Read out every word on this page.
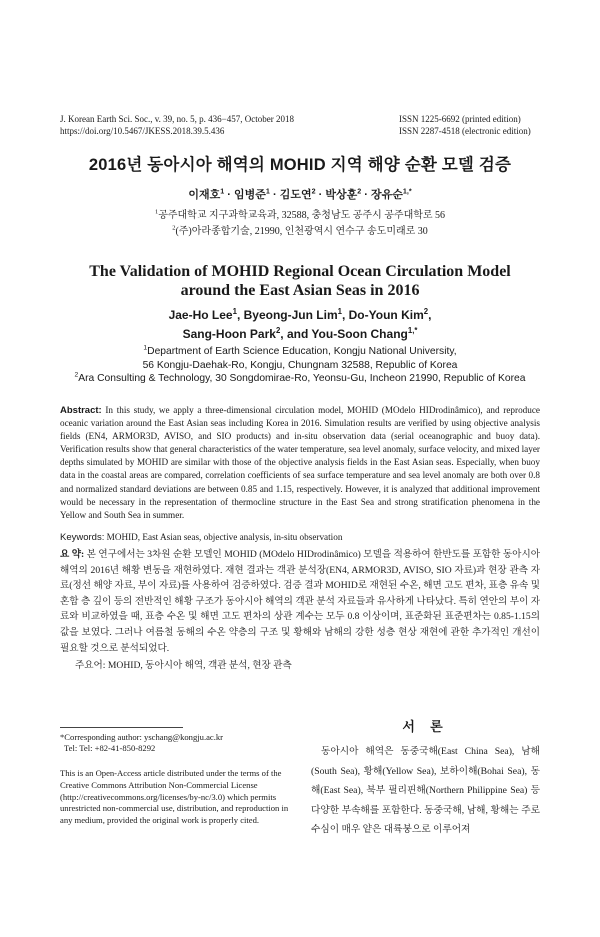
J. Korean Earth Sci. Soc., v. 39, no. 5, p. 436−457, October 2018
https://doi.org/10.5467/JKESS.2018.39.5.436
ISSN 1225-6692 (printed edition)
ISSN 2287-4518 (electronic edition)
2016년 동아시아 해역의 MOHID 지역 해양 순환 모델 검증
이재호$^1$ · 임병준$^1$ · 김도연$^2$ · 박상훈$^2$ · 장유순$^{1,*}$
$^1$공주대학교 지구과학교육과, 32588, 충청남도 공주시 공주대학로 56
$^2$(주)아라종합기술, 21990, 인천광역시 연수구 송도미래로 30
The Validation of MOHID Regional Ocean Circulation Model
around the East Asian Seas in 2016
Jae-Ho Lee$^1$, Byeong-Jun Lim$^1$, Do-Youn Kim$^2$,
Sang-Hoon Park$^2$, and You-Soon Chang$^{1,*}$
$^1$Department of Earth Science Education, Kongju National University,
56 Kongju-Daehak-Ro, Kongju, Chungnam 32588, Republic of Korea
$^2$Ara Consulting & Technology, 30 Songdomirae-Ro, Yeonsu-Gu, Incheon 21990, Republic of Korea
Abstract: In this study, we apply a three-dimensional circulation model, MOHID (MOdelo HIDrodinâmico), and reproduce oceanic variation around the East Asian seas including Korea in 2016. Simulation results are verified by using objective analysis fields (EN4, ARMOR3D, AVISO, and SIO products) and in-situ observation data (serial oceanographic and buoy data). Verification results show that general characteristics of the water temperature, sea level anomaly, surface velocity, and mixed layer depths simulated by MOHID are similar with those of the objective analysis fields in the East Asian seas. Especially, when buoy data in the coastal areas are compared, correlation coefficients of sea surface temperature and sea level anomaly are both over 0.8 and normalized standard deviations are between 0.85 and 1.15, respectively. However, it is analyzed that additional improvement would be necessary in the representation of thermocline structure in the East Sea and strong stratification phenomena in the Yellow and South Sea in summer.
Keywords: MOHID, East Asian seas, objective analysis, in-situ observation
요 약: 본 연구에서는 3차원 순환 모델인 MOHID (MOdelo HIDrodinâmico) 모델을 적용하여 한반도를 포함한 동아시아 해역의 2016년 해황 변동을 재현하였다. 재현 결과는 객관 분석장(EN4, ARMOR3D, AVISO, SIO 자료)과 현장 관측 자료(정선 해양 자료, 부이 자료)를 사용하여 검증하였다. 검증 결과 MOHID로 재현된 수온, 해면 고도 편차, 표층 유속 및 혼합 층 깊이 등의 전반적인 해황 구조가 동아시아 해역의 객관 분석 자료들과 유사하게 나타났다. 특히 연안의 부이 자료와 비교하였을 때, 표층 수온 및 해면 고도 편차의 상관 계수는 모두 0.8 이상이며, 표준화된 표준편차는 0.85-1.15의 값을 보였다. 그러나 여름철 동해의 수온 약층의 구조 및 황해와 남해의 강한 성층 현상 재현에 관한 추가적인 개선이 필요할 것으로 분석되었다.
주요어: MOHID, 동아시아 해역, 객관 분석, 현장 관측
*Corresponding author: yschang@kongju.ac.kr
Tel: Tel: +82-41-850-8292
This is an Open-Access article distributed under the terms of the Creative Commons Attribution Non-Commercial License (http://creativecommons.org/licenses/by-nc/3.0) which permits unrestricted non-commercial use, distribution, and reproduction in any medium, provided the original work is properly cited.
서 론
동아시아 해역은 동중국해(East China Sea), 남해(South Sea), 황해(Yellow Sea), 보하이해(Bohai Sea), 동해(East Sea), 북부 필리핀해(Northern Philippine Sea) 등 다양한 부속해를 포함한다. 동중국해, 남해, 황해는 주로 수심이 매우 얕은 대륙붕으로 이루어져
